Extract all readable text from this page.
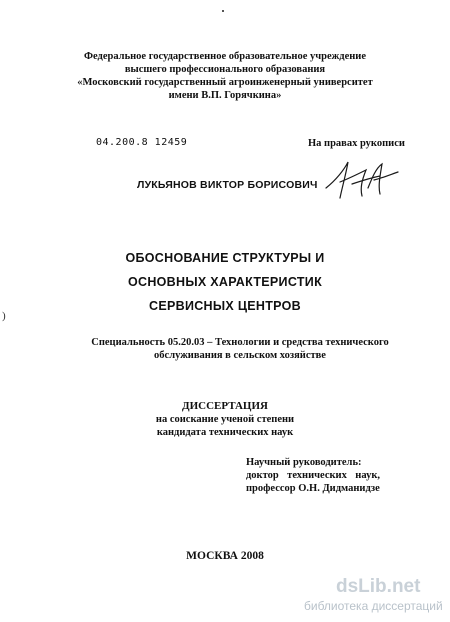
Федеральное государственное образовательное учреждение
высшего профессионального образования
«Московский государственный агроинженерный университет
имени В.П. Горячкина»
04.200.8 12459	На правах рукописи
ЛУКЬЯНОВ ВИКТОР БОРИСОВИЧ
ОБОСНОВАНИЕ СТРУКТУРЫ И
ОСНОВНЫХ ХАРАКТЕРИСТИК
СЕРВИСНЫХ ЦЕНТРОВ
Специальность 05.20.03 – Технологии и средства технического
обслуживания в сельском хозяйстве
ДИССЕРТАЦИЯ
на соискание ученой степени
кандидата технических наук
Научный руководитель:
доктор технических наук,
профессор О.Н. Дидманидзе
МОСКВА 2008
)
dsLib.net
библиотека диссертаций
